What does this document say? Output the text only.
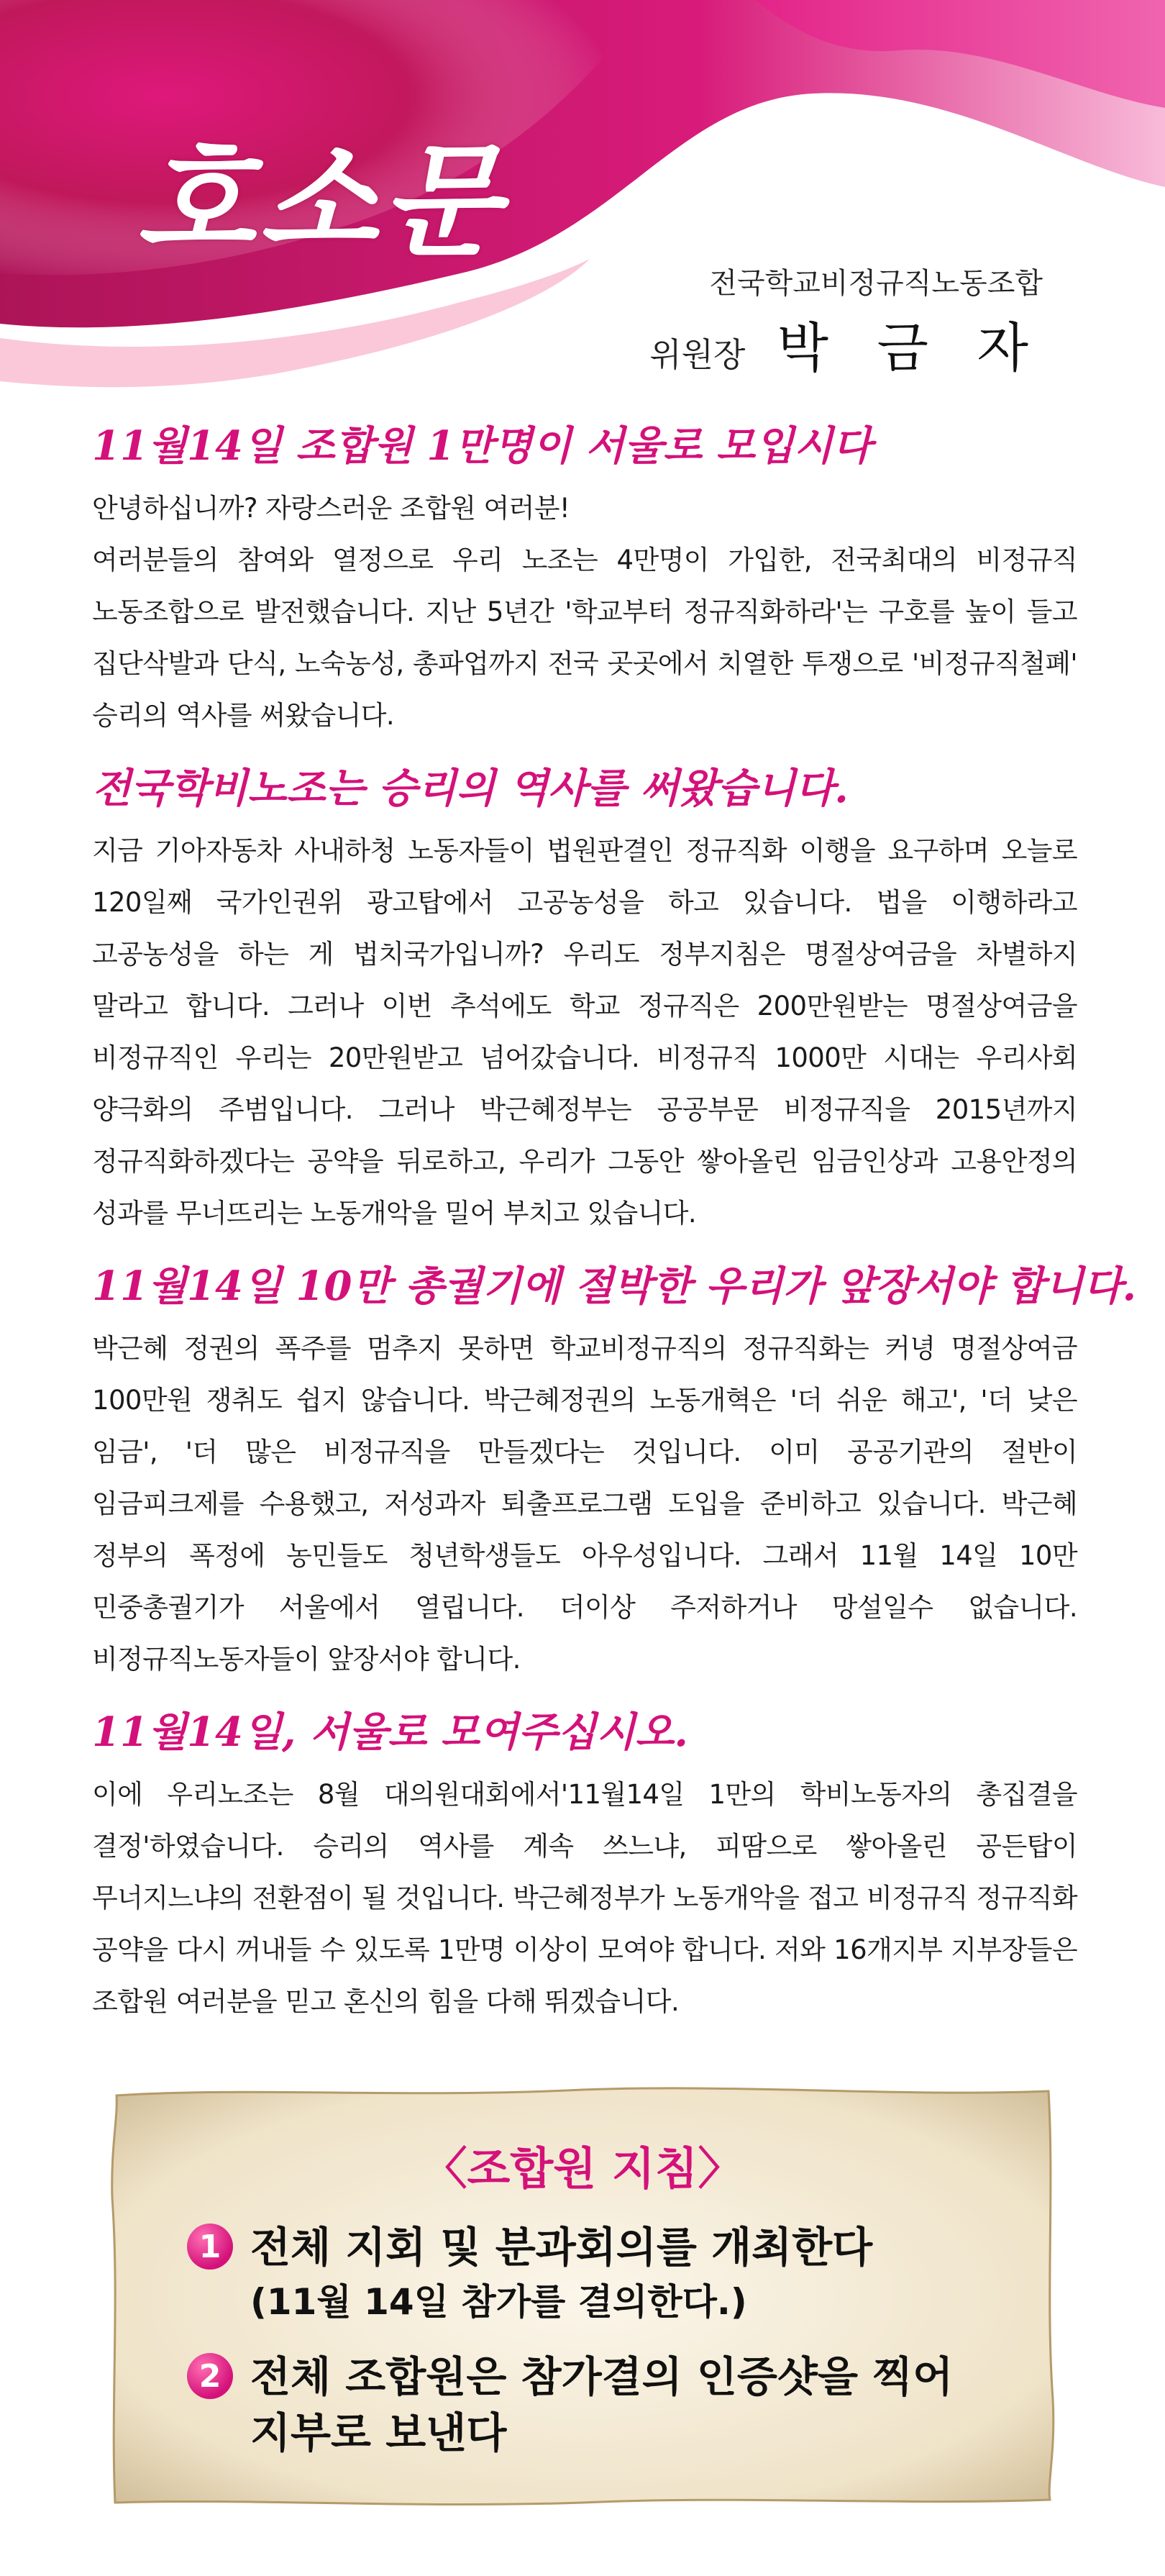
호소문
전국학교비정규직노동조합
위원장 박 금 자
11월14일 조합원 1만명이 서울로 모입시다

안녕하십니까? 자랑스러운 조합원 여러분!

여러분들의 참여와 열정으로 우리 노조는 4만명이 가입한, 전국최대의 비정규직 노동조합으로 발전했습니다. 지난 5년간 '학교부터 정규직화하라'는 구호를 높이 들고 집단삭발과 단식, 노숙농성, 총파업까지 전국 곳곳에서 치열한 투쟁으로 '비정규직철폐' 승리의 역사를 써왔습니다.

전국학비노조는 승리의 역사를 써왔습니다.

지금 기아자동차 사내하청 노동자들이 법원판결인 정규직화 이행을 요구하며 오늘로 120일째 국가인권위 광고탑에서 고공농성을 하고 있습니다. 법을 이행하라고 고공농성을 하는 게 법치국가입니까? 우리도 정부지침은 명절상여금을 차별하지 말라고 합니다. 그러나 이번 추석에도 학교 정규직은 200만원받는 명절상여금을 비정규직인 우리는 20만원받고 넘어갔습니다. 비정규직 1000만 시대는 우리사회 양극화의 주범입니다. 그러나 박근혜정부는 공공부문 비정규직을 2015년까지 정규직화하겠다는 공약을 뒤로하고, 우리가 그동안 쌓아올린 임금인상과 고용안정의 성과를 무너뜨리는 노동개악을 밀어 부치고 있습니다.

11월14일 10만 총궐기에 절박한 우리가 앞장서야 합니다.

박근혜 정권의 폭주를 멈추지 못하면 학교비정규직의 정규직화는 커녕 명절상여금 100만원 쟁취도 쉽지 않습니다. 박근혜정권의 노동개혁은 '더 쉬운 해고', '더 낮은 임금', '더 많은 비정규직을 만들겠다는 것입니다. 이미 공공기관의 절반이 임금피크제를 수용했고, 저성과자 퇴출프로그램 도입을 준비하고 있습니다. 박근혜 정부의 폭정에 농민들도 청년학생들도 아우성입니다. 그래서 11월 14일 10만 민중총궐기가 서울에서 열립니다. 더이상 주저하거나 망설일수 없습니다. 비정규직노동자들이 앞장서야 합니다.

11월14일, 서울로 모여주십시오.

이에 우리노조는 8월 대의원대회에서'11월14일 1만의 학비노동자의 총집결을 결정'하였습니다. 승리의 역사를 계속 쓰느냐, 피땀으로 쌓아올린 공든탑이 무너지느냐의 전환점이 될 것입니다. 박근혜정부가 노동개악을 접고 비정규직 정규직화 공약을 다시 꺼내들 수 있도록 1만명 이상이 모여야 합니다. 저와 16개지부 지부장들은 조합원 여러분을 믿고 혼신의 힘을 다해 뛰겠습니다.

〈조합원 지침〉
1 전체 지회 및 분과회의를 개최한다
(11월 14일 참가를 결의한다.)
2 전체 조합원은 참가결의 인증샷을 찍어
지부로 보낸다
